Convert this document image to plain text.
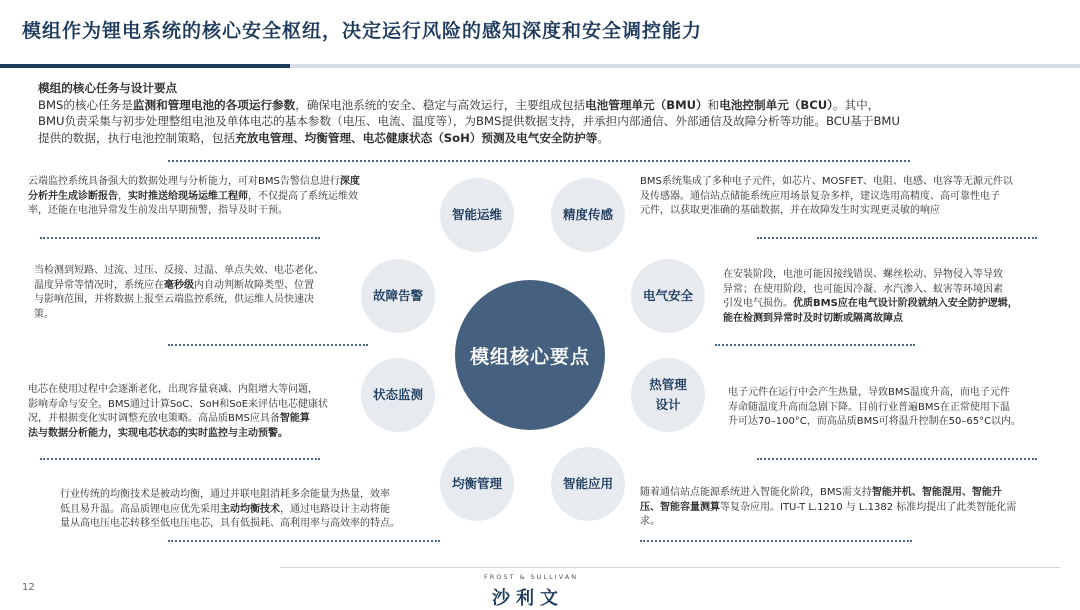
模组作为锂电系统的核心安全枢纽，决定运行风险的感知深度和安全调控能力

模组的核心任务与设计要点

BMS的核心任务是监测和管理电池的各项运行参数，确保电池系统的安全、稳定与高效运行，主要组成包括电池管理单元（BMU）和电池控制单元（BCU）。其中，

BMU负责采集与初步处理整组电池及单体电芯的基本参数（电压、电流、温度等），为BMS提供数据支持，并承担内部通信、外部通信及故障分析等功能。BCU基于BMU

提供的数据，执行电池控制策略，包括充放电管理、均衡管理、电芯健康状态（SoH）预测及电气安全防护等。

云端监控系统具备强大的数据处理与分析能力，可对BMS告警信息进行深度

分析并生成诊断报告，实时推送给现场运维工程师，不仅提高了系统运维效

率，还能在电池异常发生前发出早期预警，指导及时干预。

BMS系统集成了多种电子元件，如芯片、MOSFET、电阻、电感、电容等无源元件以

及传感器。通信站点储能系统应用场景复杂多样，建议选用高精度、高可靠性电子

元件，以获取更准确的基础数据，并在故障发生时实现更灵敏的响应

当检测到短路、过流、过压、反接、过温、单点失效、电芯老化、

温度异常等情况时，系统应在毫秒级内自动判断故障类型、位置

与影响范围，并将数据上报至云端监控系统，供运维人员快速决

策。

在安装阶段，电池可能因接线错误、螺丝松动、异物侵入等导致

异常；在使用阶段，也可能因冷凝、水汽渗入、蚁害等环境因素

引发电气损伤。优质BMS应在电气设计阶段就纳入安全防护逻辑，

能在检测到异常时及时切断或隔离故障点

电芯在使用过程中会逐渐老化，出现容量衰减、内阻增大等问题，

影响寿命与安全。BMS通过计算SoC、SoH和SoE来评估电芯健康状

况，并根据变化实时调整充放电策略。高品质BMS应具备智能算

法与数据分析能力，实现电芯状态的实时监控与主动预警。

电子元件在运行中会产生热量，导致BMS温度升高，而电子元件

寿命随温度升高而急剧下降。目前行业普遍BMS在正常使用下温

升可达70–100°C，而高品质BMS可将温升控制在50–65°C以内。

行业传统的均衡技术是被动均衡，通过并联电阻消耗多余能量为热量，效率

低且易升温。高品质锂电应优先采用主动均衡技术，通过电路设计主动将能

量从高电压电芯转移至低电压电芯，具有低损耗、高利用率与高效率的特点。

随着通信站点能源系统进入智能化阶段，BMS需支持智能并机、智能混用、智能升

压、智能容量测算等复杂应用。ITU-T L.1210 与 L.1382 标准均提出了此类智能化需

求。

智能运维	精度传感
故障告警	电气安全
模组核心要点
状态监测
热管理
设计
均衡管理	智能应用
12
FROST & SULLIVAN
沙利文
